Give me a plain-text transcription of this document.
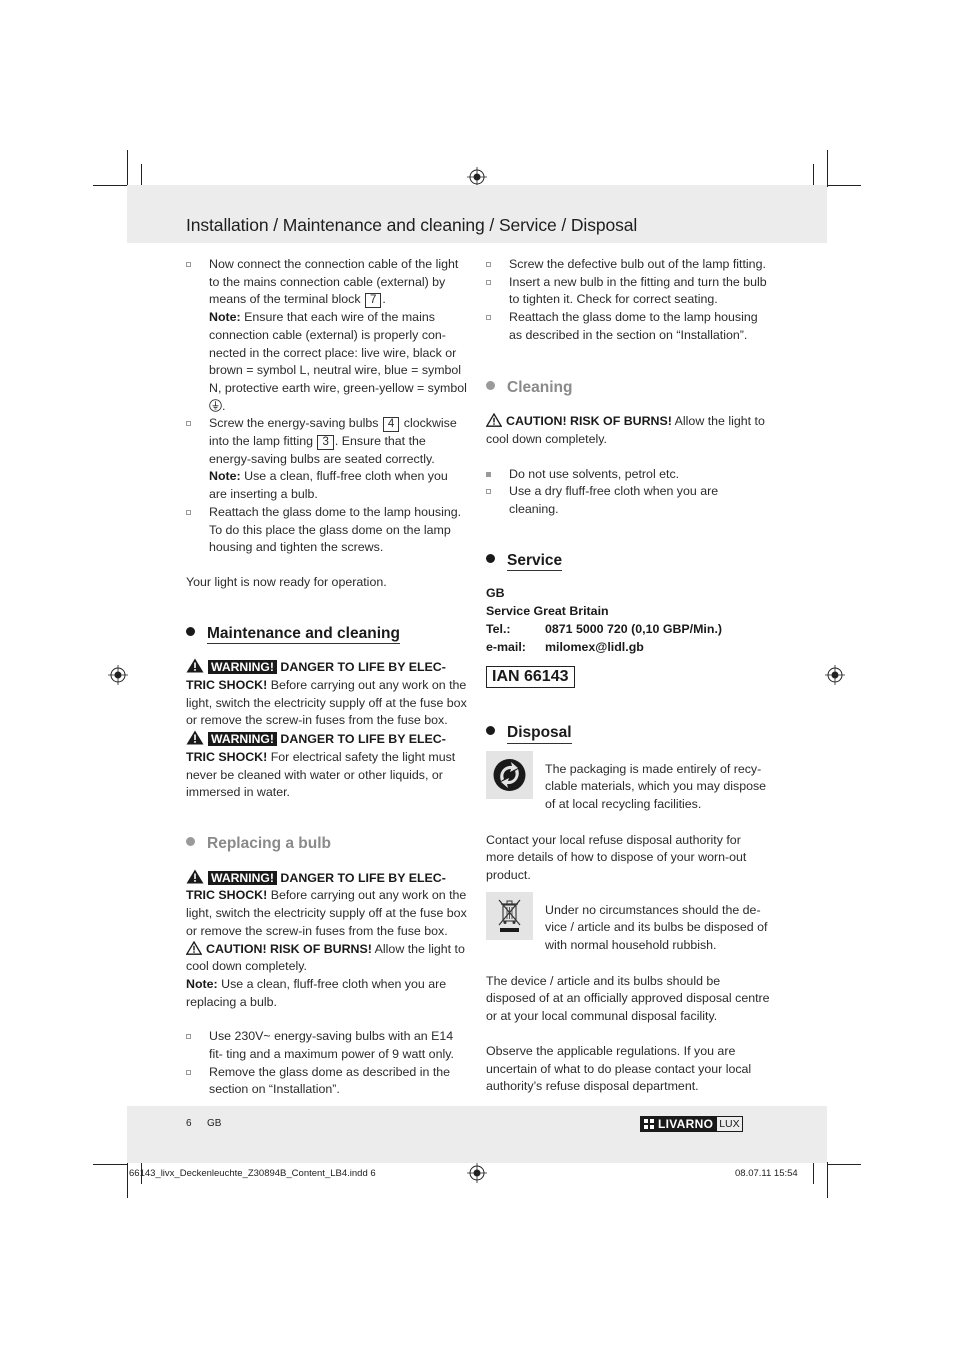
Installation / Maintenance and cleaning / Service / Disposal
Now connect the connection cable of the light to the mains connection cable (external) by means of the terminal block 7 .
Note: Ensure that each wire of the mains connection cable (external) is properly con- nected in the correct place: live wire, black or brown = symbol L, neutral wire, blue = symbol N, protective earth wire, green-yellow = symbol .
Screw the energy-saving bulbs 4 clockwise into the lamp fitting 3 . Ensure that the energy-saving bulbs are seated correctly.
Note: Use a clean, fluff-free cloth when you are inserting a bulb.
Reattach the glass dome to the lamp housing. To do this place the glass dome on the lamp housing and tighten the screws.

Your light is now ready for operation.

Maintenance and cleaning

WARNING! DANGER TO LIFE BY ELEC- TRIC SHOCK! Before carrying out any work on the light, switch the electricity supply off at the fuse box or remove the screw-in fuses from the fuse box.

WARNING! DANGER TO LIFE BY ELEC- TRIC SHOCK! For electrical safety the light must never be cleaned with water or other liquids, or immersed in water.

Replacing a bulb

WARNING! DANGER TO LIFE BY ELEC- TRIC SHOCK! Before carrying out any work on the light, switch the electricity supply off at the fuse box or remove the screw-in fuses from the fuse box.

CAUTION! RISK OF BURNS! Allow the light to cool down completely.

Note: Use a clean, fluff-free cloth when you are replacing a bulb.

Use 230V~ energy-saving bulbs with an E14 fit- ting and a maximum power of 9 watt only.
Remove the glass dome as described in the section on “Installation”.
Screw the defective bulb out of the lamp fitting.
Insert a new bulb in the fitting and turn the bulb to tighten it. Check for correct seating.
Reattach the glass dome to the lamp housing as described in the section on “Installation”.
Cleaning

CAUTION! RISK OF BURNS! Allow the light to cool down completely.

Do not use solvents, petrol etc.
Use a dry fluff-free cloth when you are cleaning.
Service

GB

Service Great Britain

Tel.:	0871 5000 720 (0,10 GBP/Min.)
e-mail:	milomex@lidl.gb
IAN 66143
Disposal

The packaging is made entirely of recy- clable materials, which you may dispose of at local recycling facilities.

Contact your local refuse disposal authority for more details of how to dispose of your worn-out product.

Under no circumstances should the de- vice / article and its bulbs be disposed of with normal household rubbish.

The device / article and its bulbs should be disposed of at an officially approved disposal centre or at your local communal disposal facility.

Observe the applicable regulations. If you are uncertain of what to do please contact your local authority’s refuse disposal department.

6 GB	LIVARNO LUX
66143_livx_Deckenleuchte_Z30894B_Content_LB4.indd 6	08.07.11 15:54
